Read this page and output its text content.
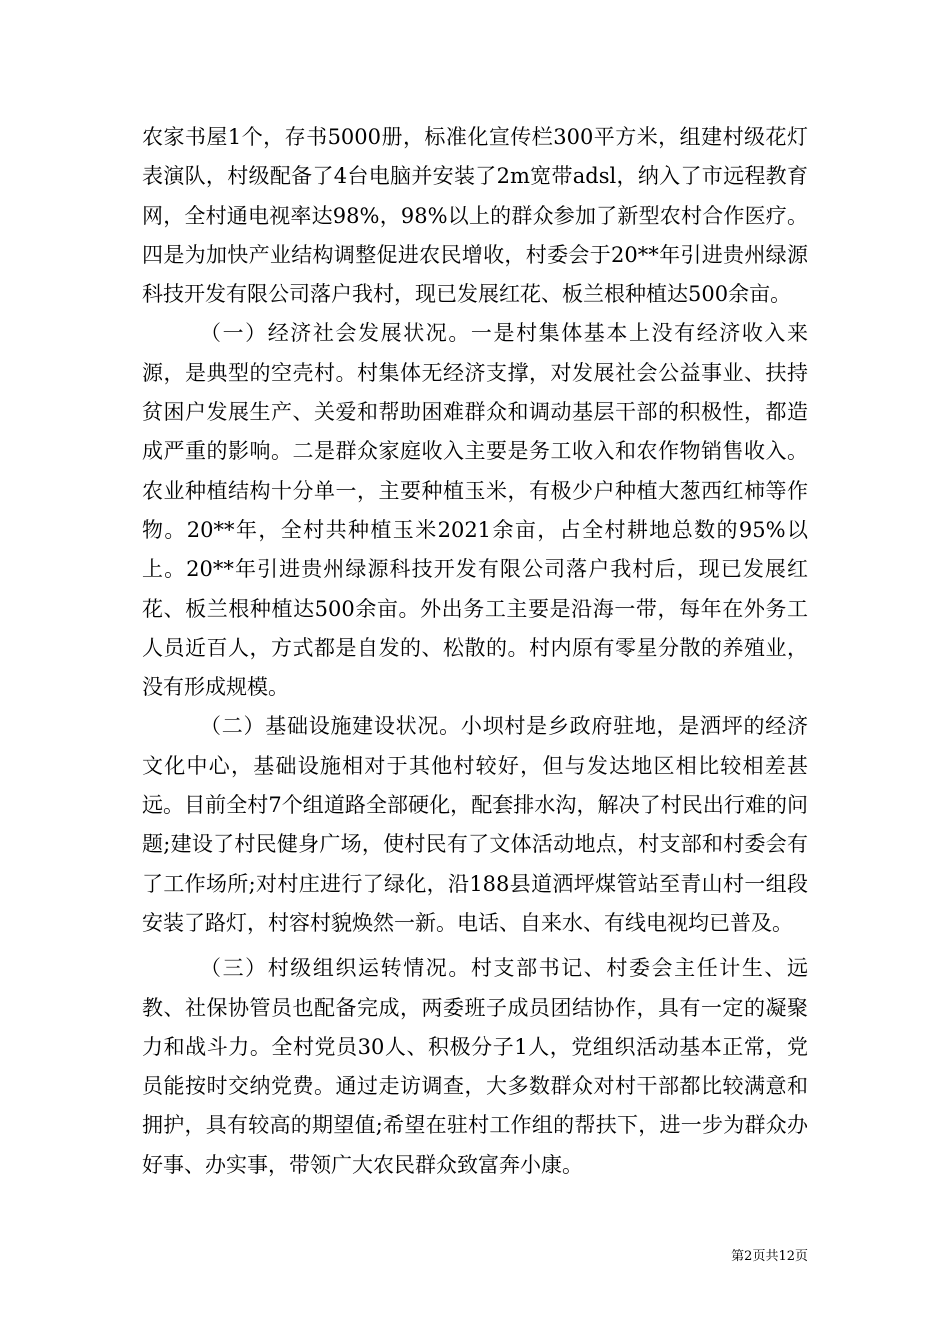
农家书屋1个，存书5000册，标准化宣传栏300平方米，组建村级花灯表演队，村级配备了4台电脑并安装了2m宽带adsl，纳入了市远程教育网，全村通电视率达98%，98%以上的群众参加了新型农村合作医疗。四是为加快产业结构调整促进农民增收，村委会于20**年引进贵州绿源科技开发有限公司落户我村，现已发展红花、板兰根种植达500余亩。

（一）经济社会发展状况。一是村集体基本上没有经济收入来源，是典型的空壳村。村集体无经济支撑，对发展社会公益事业、扶持贫困户发展生产、关爱和帮助困难群众和调动基层干部的积极性，都造成严重的影响。二是群众家庭收入主要是务工收入和农作物销售收入。农业种植结构十分单一，主要种植玉米，有极少户种植大葱西红柿等作物。20**年，全村共种植玉米2021余亩，占全村耕地总数的95%以上。20**年引进贵州绿源科技开发有限公司落户我村后，现已发展红花、板兰根种植达500余亩。外出务工主要是沿海一带，每年在外务工人员近百人，方式都是自发的、松散的。村内原有零星分散的养殖业，没有形成规模。

（二）基础设施建设状况。小坝村是乡政府驻地，是洒坪的经济文化中心，基础设施相对于其他村较好，但与发达地区相比较相差甚远。目前全村7个组道路全部硬化，配套排水沟，解决了村民出行难的问题;建设了村民健身广场，使村民有了文体活动地点，村支部和村委会有了工作场所;对村庄进行了绿化，沿188县道洒坪煤管站至青山村一组段安装了路灯，村容村貌焕然一新。电话、自来水、有线电视均已普及。

（三）村级组织运转情况。村支部书记、村委会主任计生、远教、社保协管员也配备完成，两委班子成员团结协作，具有一定的凝聚力和战斗力。全村党员30人、积极分子1人，党组织活动基本正常，党员能按时交纳党费。通过走访调查，大多数群众对村干部都比较满意和拥护，具有较高的期望值;希望在驻村工作组的帮扶下，进一步为群众办好事、办实事，带领广大农民群众致富奔小康。

第2页共12页
